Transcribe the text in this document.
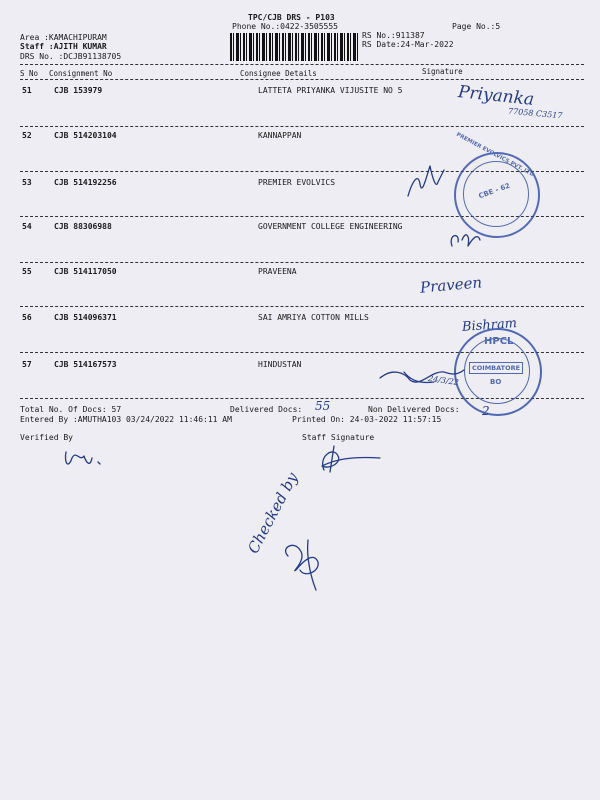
TPC/CJB DRS - P103
Phone No.:0422-3505555	Page No.:5
Area :KAMACHIPURAM
Staff :AJITH KUMAR
DRS No. :DCJB91138705
RS No.:911387
RS Date:24-Mar-2022
S No Consignment No	Consignee Details	Signature
51	CJB 153979	LATTETA PRIYANKA VIJUSITE NO 5
52	CJB 514203104	KANNAPPAN
53	CJB 514192256	PREMIER EVOLVICS
54	CJB 88306988	GOVERNMENT COLLEGE ENGINEERING
55	CJB 514117050	PRAVEENA
56	CJB 514096371	SAI AMRIYA COTTON MILLS
57	CJB 514167573	HINDUSTAN
Total No. Of Docs: 57	Delivered Docs: 55	Non Delivered Docs: 2
Entered By :AMUTHA103 03/24/2022 11:46:11 AM	Printed On: 24-03-2022 11:57:15
Verified By	Staff Signature
Priyanka
77058 C3517
Praveen
Bishram
24/3/22
Checked by
PREMIER EVOLVICS PVT. LTD
CBE - 62
HPCL
COIMBATORE
BO
